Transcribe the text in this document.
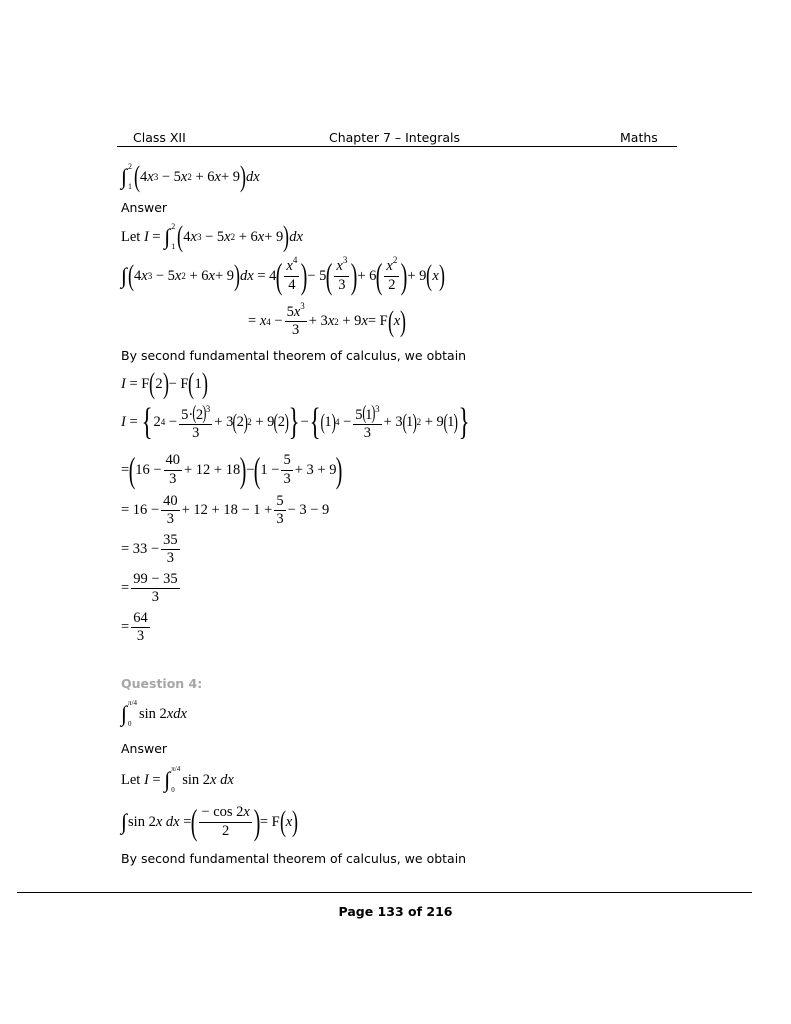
Class XII	Chapter 7 – Integrals	Maths
∫ 2
1 ( 4 x 3 − 5 x 2 + 6 x + 9 ) dx
Answer
Let I = ∫ 2
1 ( 4 x 3 − 5 x 2 + 6 x + 9 ) dx
∫ ( 4 x 3 − 5 x 2 + 6 x + 9 ) dx = 4 ( $\frac{x^4}{4}$ ) − 5 ( $\frac{x^3}{3}$ ) + 6 ( $\frac{x^2}{2}$ ) + 9 ( x )
= x $4 - \frac{5x^3}{3} + 3$ x 2 + 9 x = F ( x )
By second fundamental theorem of calculus, we obtain
I = F ( 2 ) − F ( 1 )
I = { 2 $4 - \frac{5\cdot(2)^3}{3} + 3$ ( 2 ) 2 + 9 ( 2 ) } − { ( 1 ) $4 - \frac{5(1)^3}{3} + 3$ ( 1 ) 2 + 9 ( 1 ) }
= ( $16 - \frac{40}{3} + 12 + 18$ ) − ( $1 - \frac{5}{3} + 3 + 9$ )
= $16 - \frac{40}{3} + 12 + 18 - 1 + \frac{5}{3} - 3 - 9$
= $33 - \frac{35}{3}$
= $\frac{99 - 35}{3}$
= $\frac{64}{3}$
Question 4:
∫ π/4
0
sin 2 xdx
Answer
Let I = ∫ π/4
0
sin 2 x dx
∫ sin 2 x dx = ( $\frac{- \cos 2x}{2}$ ) = F ( x )
By second fundamental theorem of calculus, we obtain
Page 133 of 216
